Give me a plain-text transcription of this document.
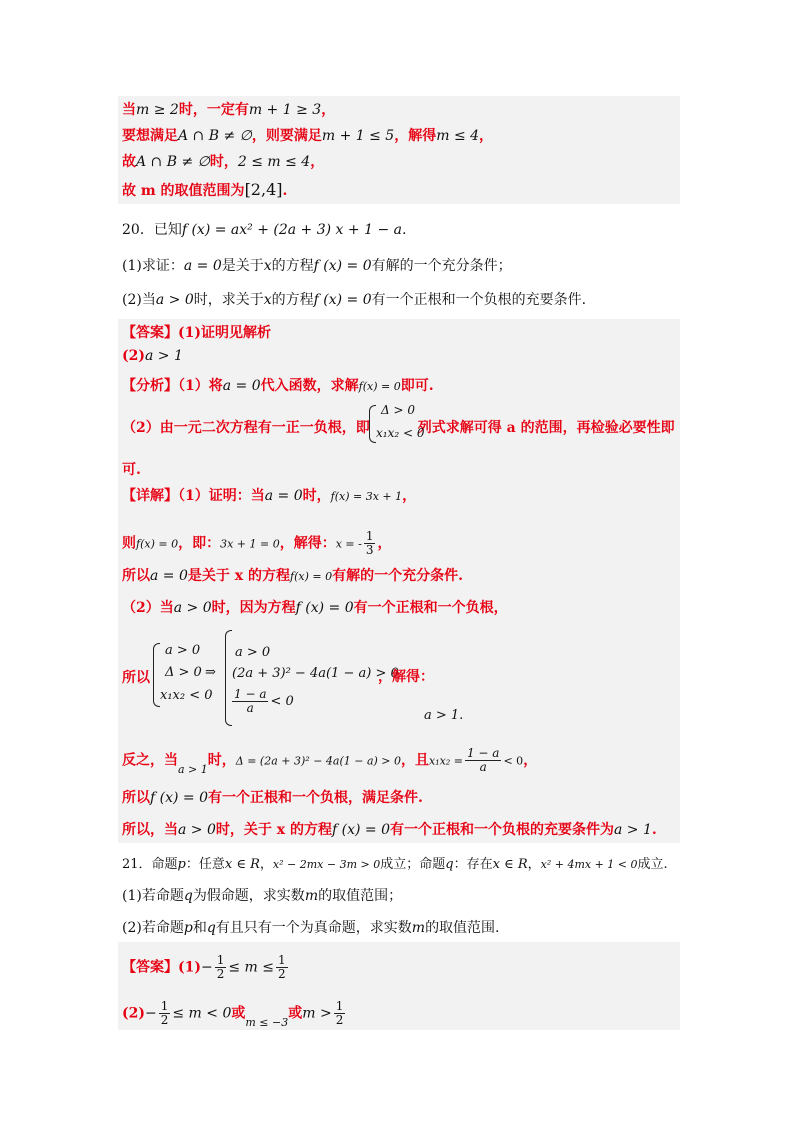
当m ≥ 2时，一定有m + 1 ≥ 3，
要想满足A ∩ B ≠ ∅，则要满足m + 1 ≤ 5，解得m ≤ 4，
故A ∩ B ≠ ∅时，2 ≤ m ≤ 4，
故 m 的取值范围为[2,4].
20．已知f (x) = ax² + (2a + 3) x + 1 − a.
(1)求证：a = 0是关于x的方程f (x) = 0有解的一个充分条件；
(2)当a > 0时，求关于x的方程f (x) = 0有一个正根和一个负根的充要条件.
【答案】(1)证明见解析
(2)a > 1
【分析】（1）将a = 0代入函数，求解f(x) = 0即可.
（2）由一元二次方程有一正一负根，即	列式求解可得 a 的范围，再检验必要性即
Δ > 0
x₁x₂ < 0
可.
【详解】（1）证明：当a = 0时，f(x) = 3x + 1，
则f(x) = 0，即：3x + 1 = 0，解得：x = - $\frac{1}{3}$ ，
所以a = 0是关于 x 的方程f(x) = 0有解的一个充分条件.
（2）当a > 0时，因为方程f (x) = 0有一个正根和一个负根，
所以
a > 0
Δ > 0
x₁x₂ < 0
⇒
a > 0
(2a + 3)² − 4a(1 − a) > 0
$\frac{1 - a}{a} < 0$
，解得：
a > 1.
反之，当$_{a > 1}$时，Δ = (2a + 3)² − 4a(1 − a) > 0，且$x_1x_2 = \frac{1 - a}{a} < 0$，
所以f (x) = 0有一个正根和一个负根，满足条件.
所以，当a > 0时，关于 x 的方程f (x) = 0有一个正根和一个负根的充要条件为a > 1.
21．命题p：任意x ∈ R，x² − 2mx − 3m > 0成立；命题q：存在x ∈ R，x² + 4mx + 1 < 0成立.
(1)若命题q为假命题，求实数m的取值范围；
(2)若命题p和q有且只有一个为真命题，求实数m的取值范围.
【答案】$(1)- \frac{1}{2} \le m \le \frac{1}{2}$
$(2)- \frac{1}{2} \le m < 0$或$_{m \le -3}$或$m > \frac{1}{2}$
